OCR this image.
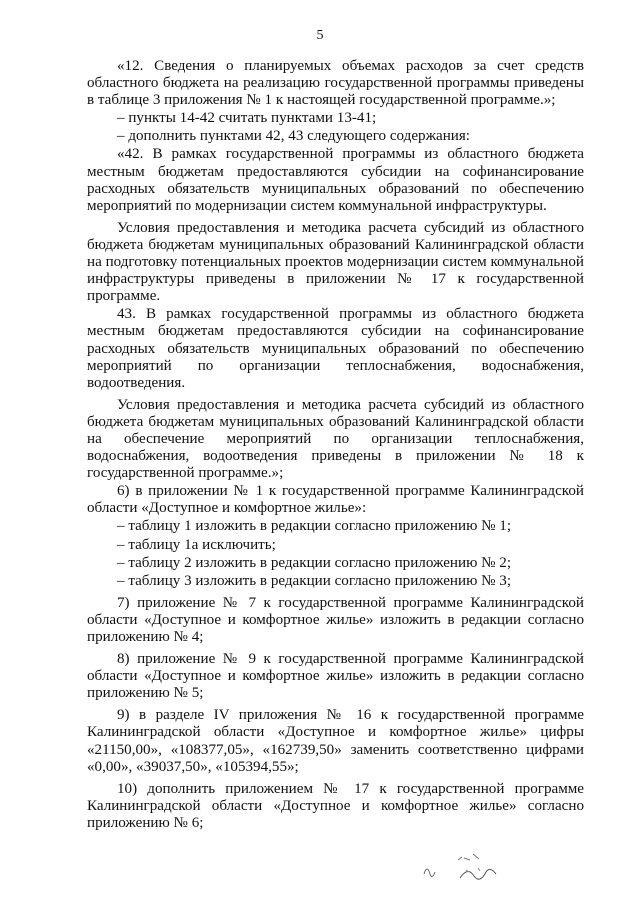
5

«12. Сведения о планируемых объемах расходов за счет средств областного бюджета на реализацию государственной программы приведены в таблице 3 приложения № 1 к настоящей государственной программе.»;

– пункты 14-42 считать пунктами 13-41;

– дополнить пунктами 42, 43 следующего содержания:

«42. В рамках государственной программы из областного бюджета местным бюджетам предоставляются субсидии на софинансирование расходных обязательств муниципальных образований по обеспечению мероприятий по модернизации систем коммунальной инфраструктуры.

Условия предоставления и методика расчета субсидий из областного бюджета бюджетам муниципальных образований Калининградской области на подготовку потенциальных проектов модернизации систем коммунальной инфраструктуры приведены в приложении № 17 к государственной программе.

43. В рамках государственной программы из областного бюджета местным бюджетам предоставляются субсидии на софинансирование расходных обязательств муниципальных образований по обеспечению мероприятий по организации теплоснабжения, водоснабжения, водоотведения.

Условия предоставления и методика расчета субсидий из областного бюджета бюджетам муниципальных образований Калининградской области на обеспечение мероприятий по организации теплоснабжения, водоснабжения, водоотведения приведены в приложении № 18 к государственной программе.»;

6) в приложении № 1 к государственной программе Калининградской области «Доступное и комфортное жилье»:

– таблицу 1 изложить в редакции согласно приложению № 1;

– таблицу 1а исключить;

– таблицу 2 изложить в редакции согласно приложению № 2;

– таблицу 3 изложить в редакции согласно приложению № 3;

7) приложение № 7 к государственной программе Калининградской области «Доступное и комфортное жилье» изложить в редакции согласно приложению № 4;

8) приложение № 9 к государственной программе Калининградской области «Доступное и комфортное жилье» изложить в редакции согласно приложению № 5;

9) в разделе IV приложения № 16 к государственной программе Калининградской области «Доступное и комфортное жилье» цифры «21150,00», «108377,05», «162739,50» заменить соответственно цифрами «0,00», «39037,50», «105394,55»;

10) дополнить приложением № 17 к государственной программе Калининградской области «Доступное и комфортное жилье» согласно приложению № 6;
